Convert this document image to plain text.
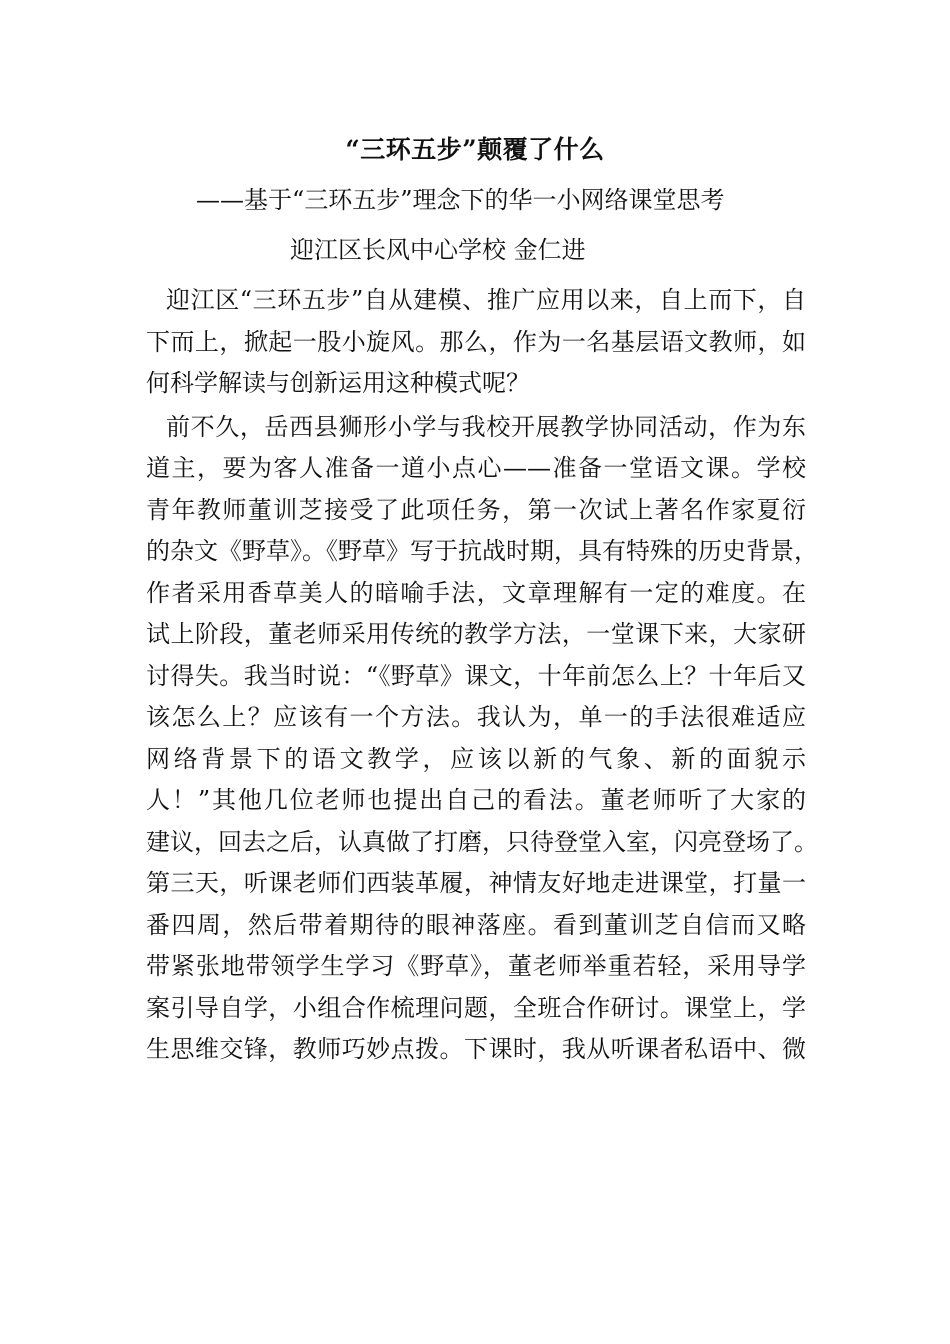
“三环五步”颠覆了什么
——基于“三环五步”理念下的华一小网络课堂思考
迎江区长风中心学校 金仁进

迎江区“三环五步”自从建模、推广应用以来，自上而下，自
下而上，掀起一股小旋风。那么，作为一名基层语文教师，如
何科学解读与创新运用这种模式呢？

前不久，岳西县狮形小学与我校开展教学协同活动，作为东
道主，要为客人准备一道小点心——准备一堂语文课。学校
青年教师董训芝接受了此项任务，第一次试上著名作家夏衍
的杂文《野草》。《野草》写于抗战时期，具有特殊的历史背景，
作者采用香草美人的暗喻手法，文章理解有一定的难度。在
试上阶段，董老师采用传统的教学方法，一堂课下来，大家研
讨得失。我当时说：“《野草》课文，十年前怎么上？十年后又
该怎么上？应该有一个方法。我认为，单一的手法很难适应
网络背景下的语文教学，应该以新的气象、新的面貌示
人！”其他几位老师也提出自己的看法。董老师听了大家的
建议，回去之后，认真做了打磨，只待登堂入室，闪亮登场了。
第三天，听课老师们西装革履，神情友好地走进课堂，打量一
番四周，然后带着期待的眼神落座。看到董训芝自信而又略
带紧张地带领学生学习《野草》，董老师举重若轻，采用导学
案引导自学，小组合作梳理问题，全班合作研讨。课堂上，学
生思维交锋，教师巧妙点拨。下课时，我从听课者私语中、微
